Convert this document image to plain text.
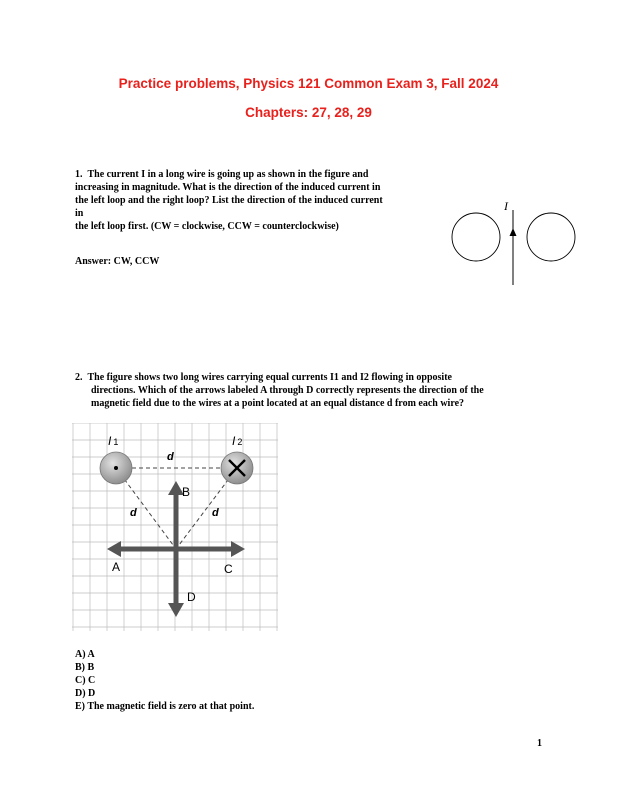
Practice problems, Physics 121 Common Exam 3, Fall 2024
Chapters: 27, 28, 29
1. The current I in a long wire is going up as shown in the figure and
increasing in magnitude. What is the direction of the induced current in
the left loop and the right loop? List the direction of the induced current
in
the left loop first. (CW = clockwise, CCW = counterclockwise)
Answer: CW, CCW
I
2. The figure shows two long wires carrying equal currents I1 and I2 flowing in opposite
directions. Which of the arrows labeled A through D correctly represents the direction of the
magnetic field due to the wires at a point located at an equal distance d from each wire?
I 1	I 2
d
d	d
B
A	C
D
A) A
B) B
C) C
D) D
E) The magnetic field is zero at that point.
1
